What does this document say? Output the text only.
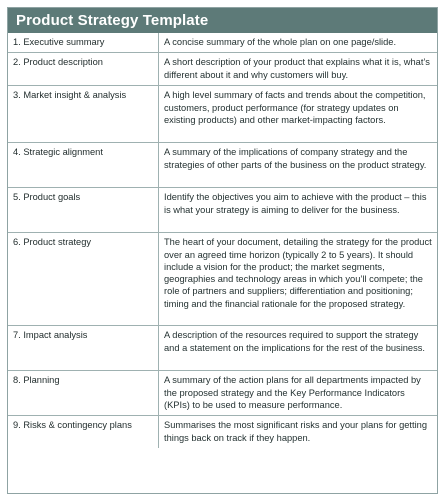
Product Strategy Template
1. Executive summary	A concise summary of the whole plan on one page/slide.
2. Product description	A short description of your product that explains what it is, what’s different about it and why customers will buy.
3. Market insight & analysis	A high level summary of facts and trends about the competition, customers, product performance (for strategy updates on existing products) and other market-impacting factors.
4. Strategic alignment	A summary of the implications of company strategy and the strategies of other parts of the business on the product strategy.
5. Product goals	Identify the objectives you aim to achieve with the product – this is what your strategy is aiming to deliver for the business.
6. Product strategy	The heart of your document, detailing the strategy for the product over an agreed time horizon (typically 2 to 5 years). It should include a vision for the product; the market segments, geographies and technology areas in which you’ll compete; the role of partners and suppliers; differentiation and positioning; timing and the financial rationale for the proposed strategy.
7. Impact analysis	A description of the resources required to support the strategy and a statement on the implications for the rest of the business.
8. Planning	A summary of the action plans for all departments impacted by the proposed strategy and the Key Performance Indicators (KPIs) to be used to measure performance.
9. Risks & contingency plans	Summarises the most significant risks and your plans for getting things back on track if they happen.
